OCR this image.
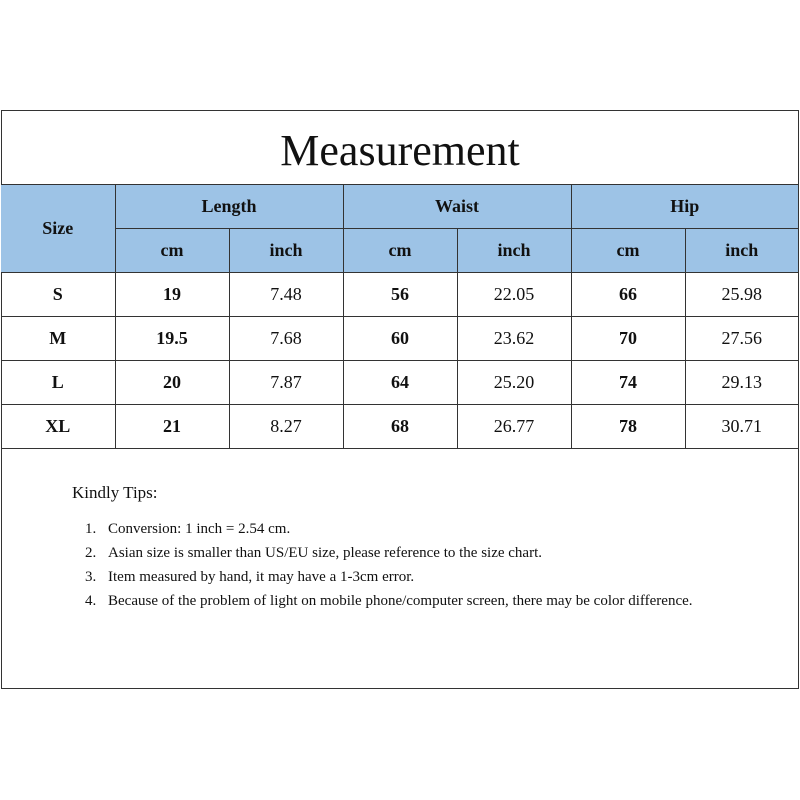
Measurement
Size	Length		Waist		Hip	
	cm	inch	cm	inch	cm	inch
S	19	7.48	56	22.05	66	25.98
M	19.5	7.68	60	23.62	70	27.56
L	20	7.87	64	25.20	74	29.13
XL	21	8.27	68	26.77	78	30.71
Kindly Tips:
1. Conversion: 1 inch = 2.54 cm.
2. Asian size is smaller than US/EU size, please reference to the size chart.
3. Item measured by hand, it may have a 1-3cm error.
4. Because of the problem of light on mobile phone/computer screen, there may be color difference.
